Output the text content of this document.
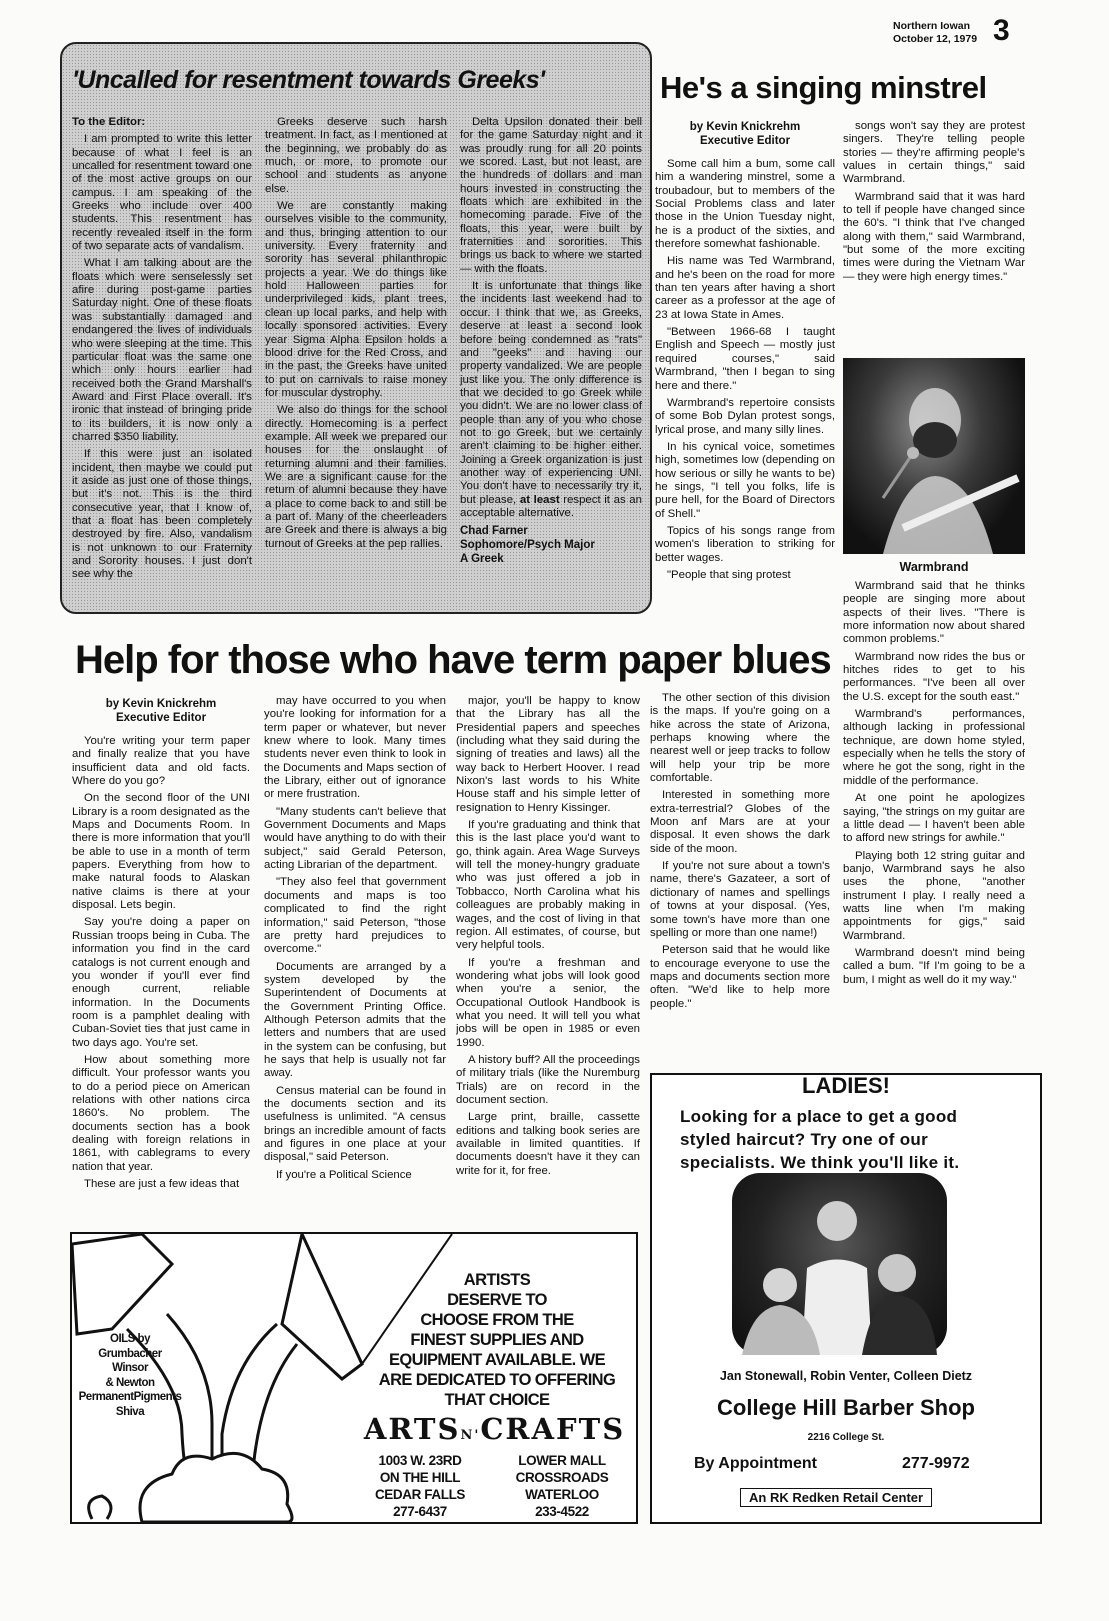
Northern Iowan
October 12, 1979 3
'Uncalled for resentment towards Greeks'
To the Editor:

I am prompted to write this letter because of what I feel is an uncalled for resentment toward one of the most active groups on our campus. I am speaking of the Greeks who include over 400 students. This resentment has recently revealed itself in the form of two separate acts of vandalism.

What I am talking about are the floats which were senselessly set afire during post-game parties Saturday night. One of these floats was substantially damaged and endangered the lives of individuals who were sleeping at the time. This particular float was the same one which only hours earlier had received both the Grand Marshall's Award and First Place overall. It's ironic that instead of bringing pride to its builders, it is now only a charred $350 liability.

If this were just an isolated incident, then maybe we could put it aside as just one of those things, but it's not. This is the third consecutive year, that I know of, that a float has been completely destroyed by fire. Also, vandalism is not unknown to our Fraternity and Sorority houses. I just don't see why the

Greeks deserve such harsh treatment. In fact, as I mentioned at the beginning, we probably do as much, or more, to promote our school and students as anyone else.

We are constantly making ourselves visible to the community, and thus, bringing attention to our university. Every fraternity and sorority has several philanthropic projects a year. We do things like hold Halloween parties for underprivileged kids, plant trees, clean up local parks, and help with locally sponsored activities. Every year Sigma Alpha Epsilon holds a blood drive for the Red Cross, and in the past, the Greeks have united to put on carnivals to raise money for muscular dystrophy.

We also do things for the school directly. Homecoming is a perfect example. All week we prepared our houses for the onslaught of returning alumni and their families. We are a significant cause for the return of alumni because they have a place to come back to and still be a part of. Many of the cheerleaders are Greek and there is always a big turnout of Greeks at the pep rallies.

Delta Upsilon donated their bell for the game Saturday night and it was proudly rung for all 20 points we scored. Last, but not least, are the hundreds of dollars and man hours invested in constructing the floats which are exhibited in the homecoming parade. Five of the floats, this year, were built by fraternities and sororities. This brings us back to where we started — with the floats.

It is unfortunate that things like the incidents last weekend had to occur. I think that we, as Greeks, deserve at least a second look before being condemned as "rats" and "geeks" and having our property vandalized. We are people just like you. The only difference is that we decided to go Greek while you didn't. We are no lower class of people than any of you who chose not to go Greek, but we certainly aren't claiming to be higher either. Joining a Greek organization is just another way of experiencing UNI. You don't have to necessarily try it, but please, at least respect it as an acceptable alternative.

Chad Farner

Sophomore/Psych Major

A Greek

He's a singing minstrel
by Kevin Knickrehm
Executive Editor

Some call him a bum, some call him a wandering minstrel, some a troubadour, but to members of the Social Problems class and later those in the Union Tuesday night, he is a product of the sixties, and therefore somewhat fashionable.

His name was Ted Warmbrand, and he's been on the road for more than ten years after having a short career as a professor at the age of 23 at Iowa State in Ames.

"Between 1966-68 I taught English and Speech — mostly just required courses," said Warmbrand, "then I began to sing here and there."

Warmbrand's repertoire consists of some Bob Dylan protest songs, lyrical prose, and many silly lines.

In his cynical voice, sometimes high, sometimes low (depending on how serious or silly he wants to be) he sings, "I tell you folks, life is pure hell, for the Board of Directors of Shell."

Topics of his songs range from women's liberation to striking for better wages.

"People that sing protest

songs won't say they are protest singers. They're telling people stories — they're affirming people's values in certain things," said Warmbrand.

Warmbrand said that it was hard to tell if people have changed since the 60's. "I think that I've changed along with them," said Warmbrand, "but some of the more exciting times were during the Vietnam War — they were high energy times."

Warmbrand

Warmbrand said that he thinks people are singing more about aspects of their lives. "There is more information now about shared common problems."

Warmbrand now rides the bus or hitches rides to get to his performances. "I've been all over the U.S. except for the south east."

Warmbrand's performances, although lacking in professional technique, are down home styled, especially when he tells the story of where he got the song, right in the middle of the performance.

At one point he apologizes saying, "the strings on my guitar are a little dead — I haven't been able to afford new strings for awhile."

Playing both 12 string guitar and banjo, Warmbrand says he also uses the phone, "another instrument I play. I really need a watts line when I'm making appointments for gigs," said Warmbrand.

Warmbrand doesn't mind being called a bum. "If I'm going to be a bum, I might as well do it my way."

Help for those who have term paper blues
by Kevin Knickrehm
Executive Editor

You're writing your term paper and finally realize that you have insufficient data and old facts. Where do you go?

On the second floor of the UNI Library is a room designated as the Maps and Documents Room. In there is more information that you'll be able to use in a month of term papers. Everything from how to make natural foods to Alaskan native claims is there at your disposal. Lets begin.

Say you're doing a paper on Russian troops being in Cuba. The information you find in the card catalogs is not current enough and you wonder if you'll ever find enough current, reliable information. In the Documents room is a pamphlet dealing with Cuban-Soviet ties that just came in two days ago. You're set.

How about something more difficult. Your professor wants you to do a period piece on American relations with other nations circa 1860's. No problem. The documents section has a book dealing with foreign relations in 1861, with cablegrams to every nation that year.

These are just a few ideas that

may have occurred to you when you're looking for information for a term paper or whatever, but never knew where to look. Many times students never even think to look in the Documents and Maps section of the Library, either out of ignorance or mere frustration.

"Many students can't believe that Government Documents and Maps would have anything to do with their subject," said Gerald Peterson, acting Librarian of the department.

"They also feel that government documents and maps is too complicated to find the right information," said Peterson, "those are pretty hard prejudices to overcome."

Documents are arranged by a system developed by the Superintendent of Documents at the Government Printing Office. Although Peterson admits that the letters and numbers that are used in the system can be confusing, but he says that help is usually not far away.

Census material can be found in the documents section and its usefulness is unlimited. "A census brings an incredible amount of facts and figures in one place at your disposal," said Peterson.

If you're a Political Science

major, you'll be happy to know that the Library has all the Presidential papers and speeches (including what they said during the signing of treaties and laws) all the way back to Herbert Hoover. I read Nixon's last words to his White House staff and his simple letter of resignation to Henry Kissinger.

If you're graduating and think that this is the last place you'd want to go, think again. Area Wage Surveys will tell the money-hungry graduate who was just offered a job in Tobbacco, North Carolina what his colleagues are probably making in wages, and the cost of living in that region. All estimates, of course, but very helpful tools.

If you're a freshman and wondering what jobs will look good when you're a senior, the Occupational Outlook Handbook is what you need. It will tell you what jobs will be open in 1985 or even 1990.

A history buff? All the proceedings of military trials (like the Nuremburg Trials) are on record in the document section.

Large print, braille, cassette editions and talking book series are available in limited quantities. If documents doesn't have it they can write for it, for free.

The other section of this division is the maps. If you're going on a hike across the state of Arizona, perhaps knowing where the nearest well or jeep tracks to follow will help your trip be more comfortable.

Interested in something more extra-terrestrial? Globes of the Moon anf Mars are at your disposal. It even shows the dark side of the moon.

If you're not sure about a town's name, there's Gazateer, a sort of dictionary of names and spellings of towns at your disposal. (Yes, some town's have more than one spelling or more than one name!)

Peterson said that he would like to encourage everyone to use the maps and documents section more often. "We'd like to help more people."

OILS by
Grumbacher
Winsor
& Newton
PermanentPigments
Shiva
ARTISTS
DESERVE TO
CHOOSE FROM THE
FINEST SUPPLIES AND
EQUIPMENT AVAILABLE. WE
ARE DEDICATED TO OFFERING
THAT CHOICE
ARTSN'CRAFTS
1003 W. 23RD
ON THE HILL
CEDAR FALLS
277-6437
LOWER MALL
CROSSROADS
WATERLOO
233-4522
LADIES!
Looking for a place to get a good styled haircut? Try one of our specialists. We think you'll like it.
Jan Stonewall, Robin Venter, Colleen Dietz
College Hill Barber Shop
2216 College St.
By Appointment	277-9972
An RK Redken Retail Center
